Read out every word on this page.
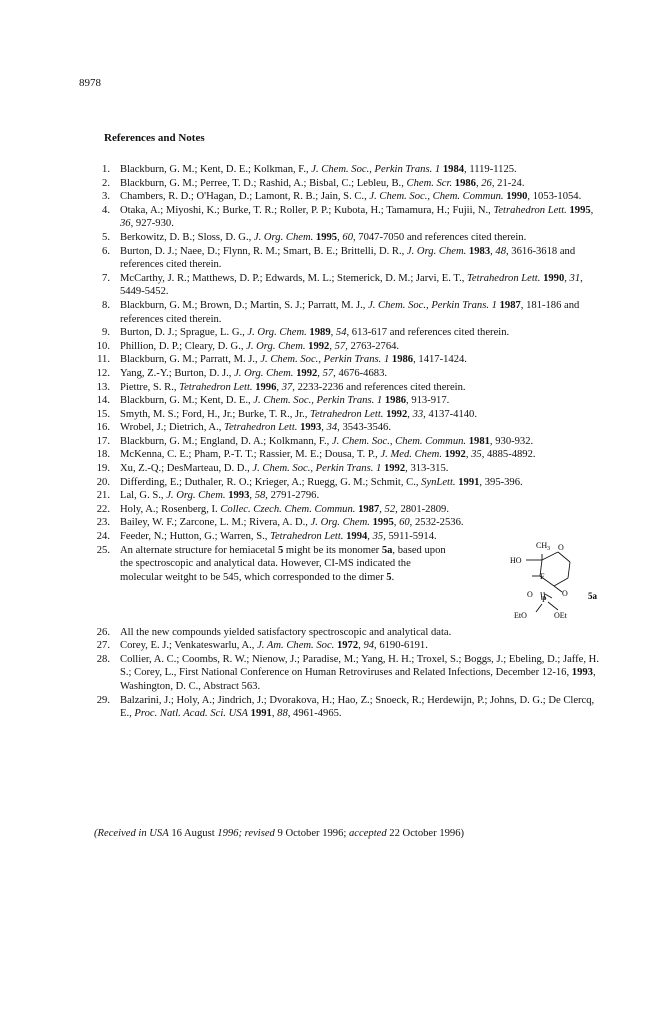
8978
References and Notes
1. Blackburn, G. M.; Kent, D. E.; Kolkman, F., J. Chem. Soc., Perkin Trans. 1 1984, 1119-1125.
2. Blackburn, G. M.; Perree, T. D.; Rashid, A.; Bisbal, C.; Lebleu, B., Chem. Scr. 1986, 26, 21-24.
3. Chambers, R. D.; O'Hagan, D.; Lamont, R. B.; Jain, S. C., J. Chem. Soc., Chem. Commun. 1990, 1053-1054.
4. Otaka, A.; Miyoshi, K.; Burke, T. R.; Roller, P. P.; Kubota, H.; Tamamura, H.; Fujii, N., Tetrahedron Lett. 1995, 36, 927-930.
5. Berkowitz, D. B.; Sloss, D. G., J. Org. Chem. 1995, 60, 7047-7050 and references cited therein.
6. Burton, D. J.; Naee, D.; Flynn, R. M.; Smart, B. E.; Brittelli, D. R., J. Org. Chem. 1983, 48, 3616-3618 and references cited therein.
7. McCarthy, J. R.; Matthews, D. P.; Edwards, M. L.; Stemerick, D. M.; Jarvi, E. T., Tetrahedron Lett. 1990, 31, 5449-5452.
8. Blackburn, G. M.; Brown, D.; Martin, S. J.; Parratt, M. J., J. Chem. Soc., Perkin Trans. 1 1987, 181-186 and references cited therein.
9. Burton, D. J.; Sprague, L. G., J. Org. Chem. 1989, 54, 613-617 and references cited therein.
10. Phillion, D. P.; Cleary, D. G., J. Org. Chem. 1992, 57, 2763-2764.
11. Blackburn, G. M.; Parratt, M. J., J. Chem. Soc., Perkin Trans. 1 1986, 1417-1424.
12. Yang, Z.-Y.; Burton, D. J., J. Org. Chem. 1992, 57, 4676-4683.
13. Piettre, S. R., Tetrahedron Lett. 1996, 37, 2233-2236 and references cited therein.
14. Blackburn, G. M.; Kent, D. E., J. Chem. Soc., Perkin Trans. 1 1986, 913-917.
15. Smyth, M. S.; Ford, H., Jr.; Burke, T. R., Jr., Tetrahedron Lett. 1992, 33, 4137-4140.
16. Wrobel, J.; Dietrich, A., Tetrahedron Lett. 1993, 34, 3543-3546.
17. Blackburn, G. M.; England, D. A.; Kolkmann, F., J. Chem. Soc., Chem. Commun. 1981, 930-932.
18. McKenna, C. E.; Pham, P.-T. T.; Rassier, M. E.; Dousa, T. P., J. Med. Chem. 1992, 35, 4885-4892.
19. Xu, Z.-Q.; DesMarteau, D. D., J. Chem. Soc., Perkin Trans. 1 1992, 313-315.
20. Differding, E.; Duthaler, R. O.; Krieger, A.; Ruegg, G. M.; Schmit, C., SynLett. 1991, 395-396.
21. Lal, G. S., J. Org. Chem. 1993, 58, 2791-2796.
22. Holy, A.; Rosenberg, I. Collec. Czech. Chem. Commun. 1987, 52, 2801-2809.
23. Bailey, W. F.; Zarcone, L. M.; Rivera, A. D., J. Org. Chem. 1995, 60, 2532-2536.
24. Feeder, N.; Hutton, G.; Warren, S., Tetrahedron Lett. 1994, 35, 5911-5914.
25. An alternate structure for hemiacetal 5 might be its monomer 5a, based upon the spectroscopic and analytical data. However, CI-MS indicated the molecular weitght to be 545, which corresponded to the dimer 5.
$CH_3$
HO
O
F
O
P
O
EtO	OEt
5a
26. All the new compounds yielded satisfactory spectroscopic and analytical data.
27. Corey, E. J.; Venkateswarlu, A., J. Am. Chem. Soc. 1972, 94, 6190-6191.
28. Collier, A. C.; Coombs, R. W.; Nienow, J.; Paradise, M.; Yang, H. H.; Troxel, S.; Boggs, J.; Ebeling, D.; Jaffe, H. S.; Corey, L., First National Conference on Human Retroviruses and Related Infections, December 12-16, 1993, Washington, D. C., Abstract 563.
29. Balzarini, J.; Holy, A.; Jindrich, J.; Dvorakova, H.; Hao, Z.; Snoeck, R.; Herdewijn, P.; Johns, D. G.; De Clercq, E., Proc. Natl. Acad. Sci. USA 1991, 88, 4961-4965.
(Received in USA 16 August 1996; revised 9 October 1996; accepted 22 October 1996)
